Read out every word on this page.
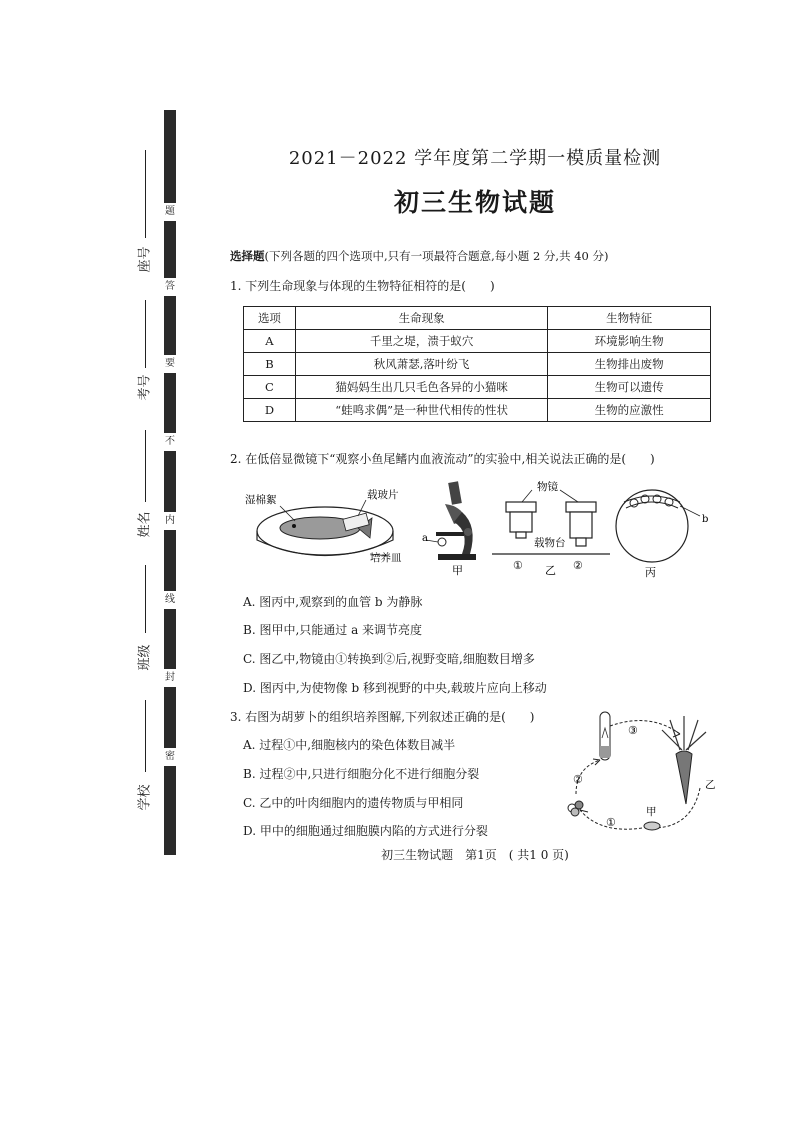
题
答
要
不
内
线
封
密
座号
考号
姓名
班级
学校
2021－2022 学年度第二学期一模质量检测
初三生物试题
选择题(下列各题的四个选项中,只有一项最符合题意,每小题 2 分,共 40 分)
1. 下列生命现象与体现的生物特征相符的是(　　)
选项	生命现象	生物特征
A	千里之堤，溃于蚁穴	环境影响生物
B	秋风萧瑟,落叶纷飞	生物排出废物
C	猫妈妈生出几只毛色各异的小猫咪	生物可以遗传
D	“蛙鸣求偶”是一种世代相传的性状	生物的应激性
2. 在低倍显微镜下“观察小鱼尾鳍内血液流动”的实验中,相关说法正确的是(　　)
湿棉絮	载玻片
培养皿
a
甲
物镜
载物台
① 乙 ②
b
丙
A. 图丙中,观察到的血管 b 为静脉
B. 图甲中,只能通过 a 来调节亮度
C. 图乙中,物镜由①转换到②后,视野变暗,细胞数目增多
D. 图丙中,为使物像 b 移到视野的中央,载玻片应向上移动
3. 右图为胡萝卜的组织培养图解,下列叙述正确的是(　　)
A. 过程①中,细胞核内的染色体数目减半
B. 过程②中,只进行细胞分化不进行细胞分裂
C. 乙中的叶肉细胞内的遗传物质与甲相同
D. 甲中的细胞通过细胞膜内陷的方式进行分裂
③
②
①
甲
乙
初三生物试题　第1页　( 共1 0 页)
